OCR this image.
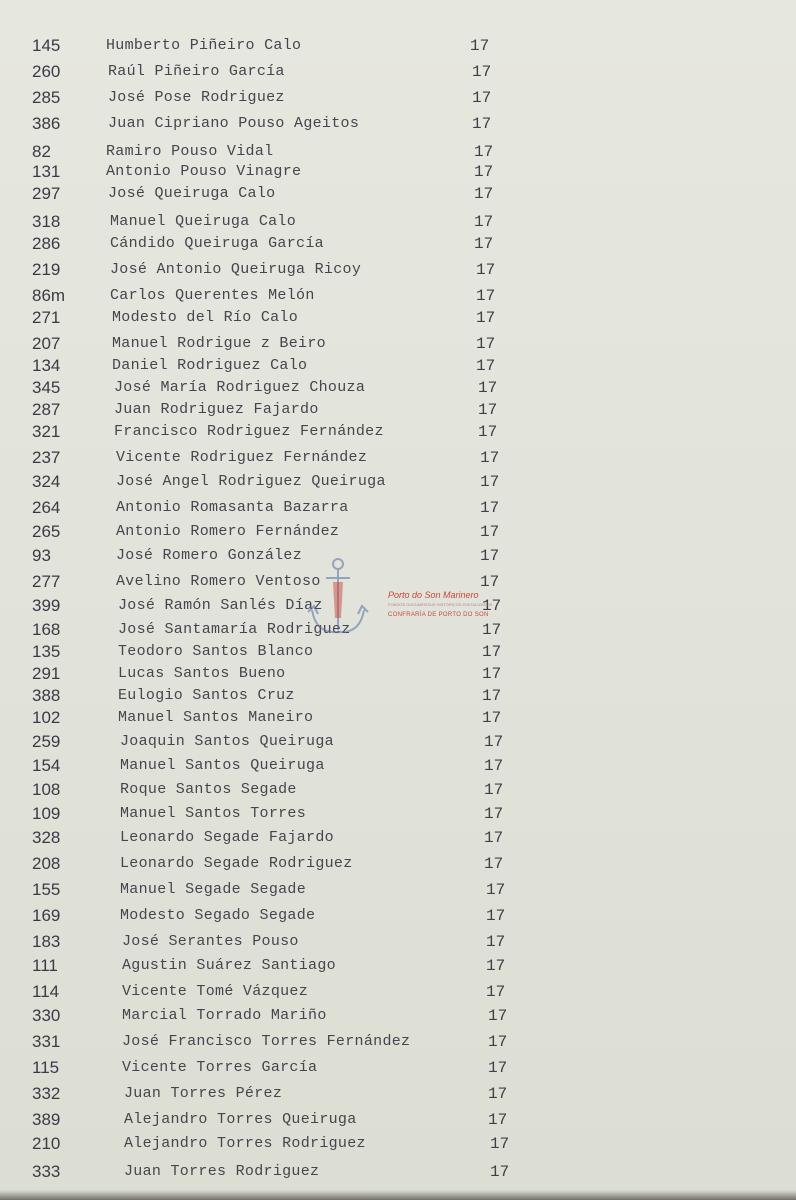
145	Humberto Piñeiro Calo	17
260	Raúl Piñeiro García	17
285	José Pose Rodriguez	17
386	Juan Cipriano Pouso Ageitos	17
82	Ramiro Pouso Vidal	17
131	Antonio Pouso Vinagre	17
297	José Queiruga Calo	17
318	Manuel Queiruga Calo	17
286	Cándido Queiruga García	17
219	José Antonio Queiruga Ricoy	17
86m	Carlos Querentes Melón	17
271	Modesto del Río Calo	17
207	Manuel Rodrigue z Beiro	17
134	Daniel Rodriguez Calo	17
345	José María Rodriguez Chouza	17
287	Juan Rodriguez Fajardo	17
321	Francisco Rodriguez Fernández	17
237	Vicente Rodriguez Fernández	17
324	José Angel Rodriguez Queiruga	17
264	Antonio Romasanta Bazarra	17
265	Antonio Romero Fernández	17
93	José Romero González	17
277	Avelino Romero Ventoso	17
399	José Ramón Sanlés Díaz	17
168	José Santamaría Rodriguez	17
135	Teodoro Santos Blanco	17
291	Lucas Santos Bueno	17
388	Eulogio Santos Cruz	17
102	Manuel Santos Maneiro	17
259	Joaquin Santos Queiruga	17
154	Manuel Santos Queiruga	17
108	Roque Santos Segade	17
109	Manuel Santos Torres	17
328	Leonardo Segade Fajardo	17
208	Leonardo Segade Rodriguez	17
155	Manuel Segade Segade	17
169	Modesto Segado Segade	17
183	José Serantes Pouso	17
111	Agustin Suárez Santiago	17
114	Vicente Tomé Vázquez	17
330	Marcial Torrado Mariño	17
331	José Francisco Torres Fernández	17
115	Vicente Torres García	17
332	Juan Torres Pérez	17
389	Alejandro Torres Queiruga	17
210	Alejandro Torres Rodriguez	17
333	Juan Torres Rodriguez	17
Porto do Son Marinero
FONDOS DOCUMENTAIS HISTÓRICOS DIXITALIZADOS
CONFRARÍA DE PORTO DO SON
